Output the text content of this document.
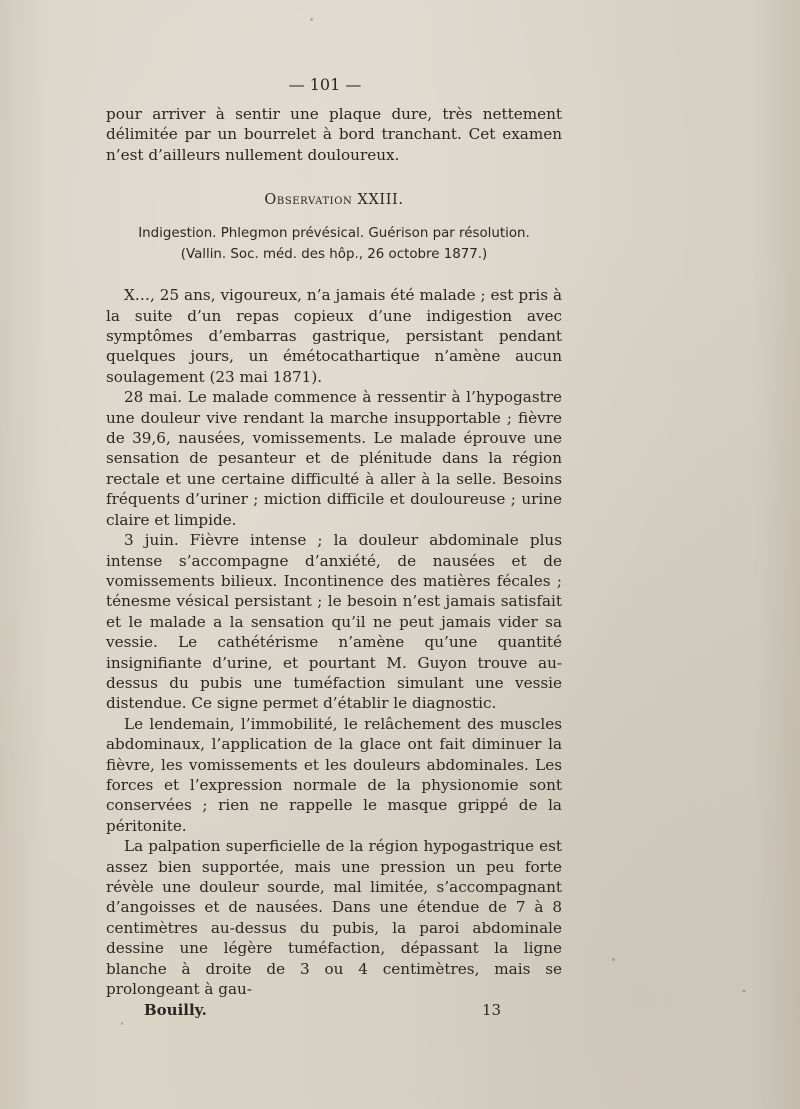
— 101 —

pour arriver à sentir une plaque dure, très nettement délimitée par un bourrelet à bord tranchant. Cet examen n’est d’ailleurs nullement douloureux.

Observation XXIII.
Indigestion. Phlegmon prévésical. Guérison par résolution.
(Vallin. Soc. méd. des hôp., 26 octobre 1877.)

X…, 25 ans, vigoureux, n’a jamais été malade ; est pris à la suite d’un repas copieux d’une indigestion avec symptômes d’embarras gastrique, persistant pendant quelques jours, un émétocathartique n’amène aucun soulagement (23 mai 1871).

28 mai. Le malade commence à ressentir à l’hypogastre une douleur vive rendant la marche insupportable ; fièvre de 39,6, nausées, vomissements. Le malade éprouve une sensation de pesanteur et de plénitude dans la région rectale et une certaine difficulté à aller à la selle. Besoins fréquents d’uriner ; miction difficile et douloureuse ; urine claire et limpide.

3 juin. Fièvre intense ; la douleur abdominale plus intense s’accompagne d’anxiété, de nausées et de vomissements bilieux. Incontinence des matières fécales ; ténesme vésical persistant ; le besoin n’est jamais satisfait et le malade a la sensation qu’il ne peut jamais vider sa vessie. Le cathétérisme n’amène qu’une quantité insignifiante d’urine, et pourtant M. Guyon trouve au-dessus du pubis une tuméfaction simulant une vessie distendue. Ce signe permet d’établir le diagnostic.

Le lendemain, l’immobilité, le relâchement des muscles abdominaux, l’application de la glace ont fait diminuer la fièvre, les vomissements et les douleurs abdominales. Les forces et l’expression normale de la physionomie sont conservées ; rien ne rappelle le masque grippé de la péritonite.

La palpation superficielle de la région hypogastrique est assez bien supportée, mais une pression un peu forte révèle une douleur sourde, mal limitée, s’accompagnant d’angoisses et de nausées. Dans une étendue de 7 à 8 centimètres au-dessus du pubis, la paroi abdominale dessine une légère tuméfaction, dépassant la ligne blanche à droite de 3 ou 4 centimètres, mais se prolongeant à gau-

Bouilly.	13
